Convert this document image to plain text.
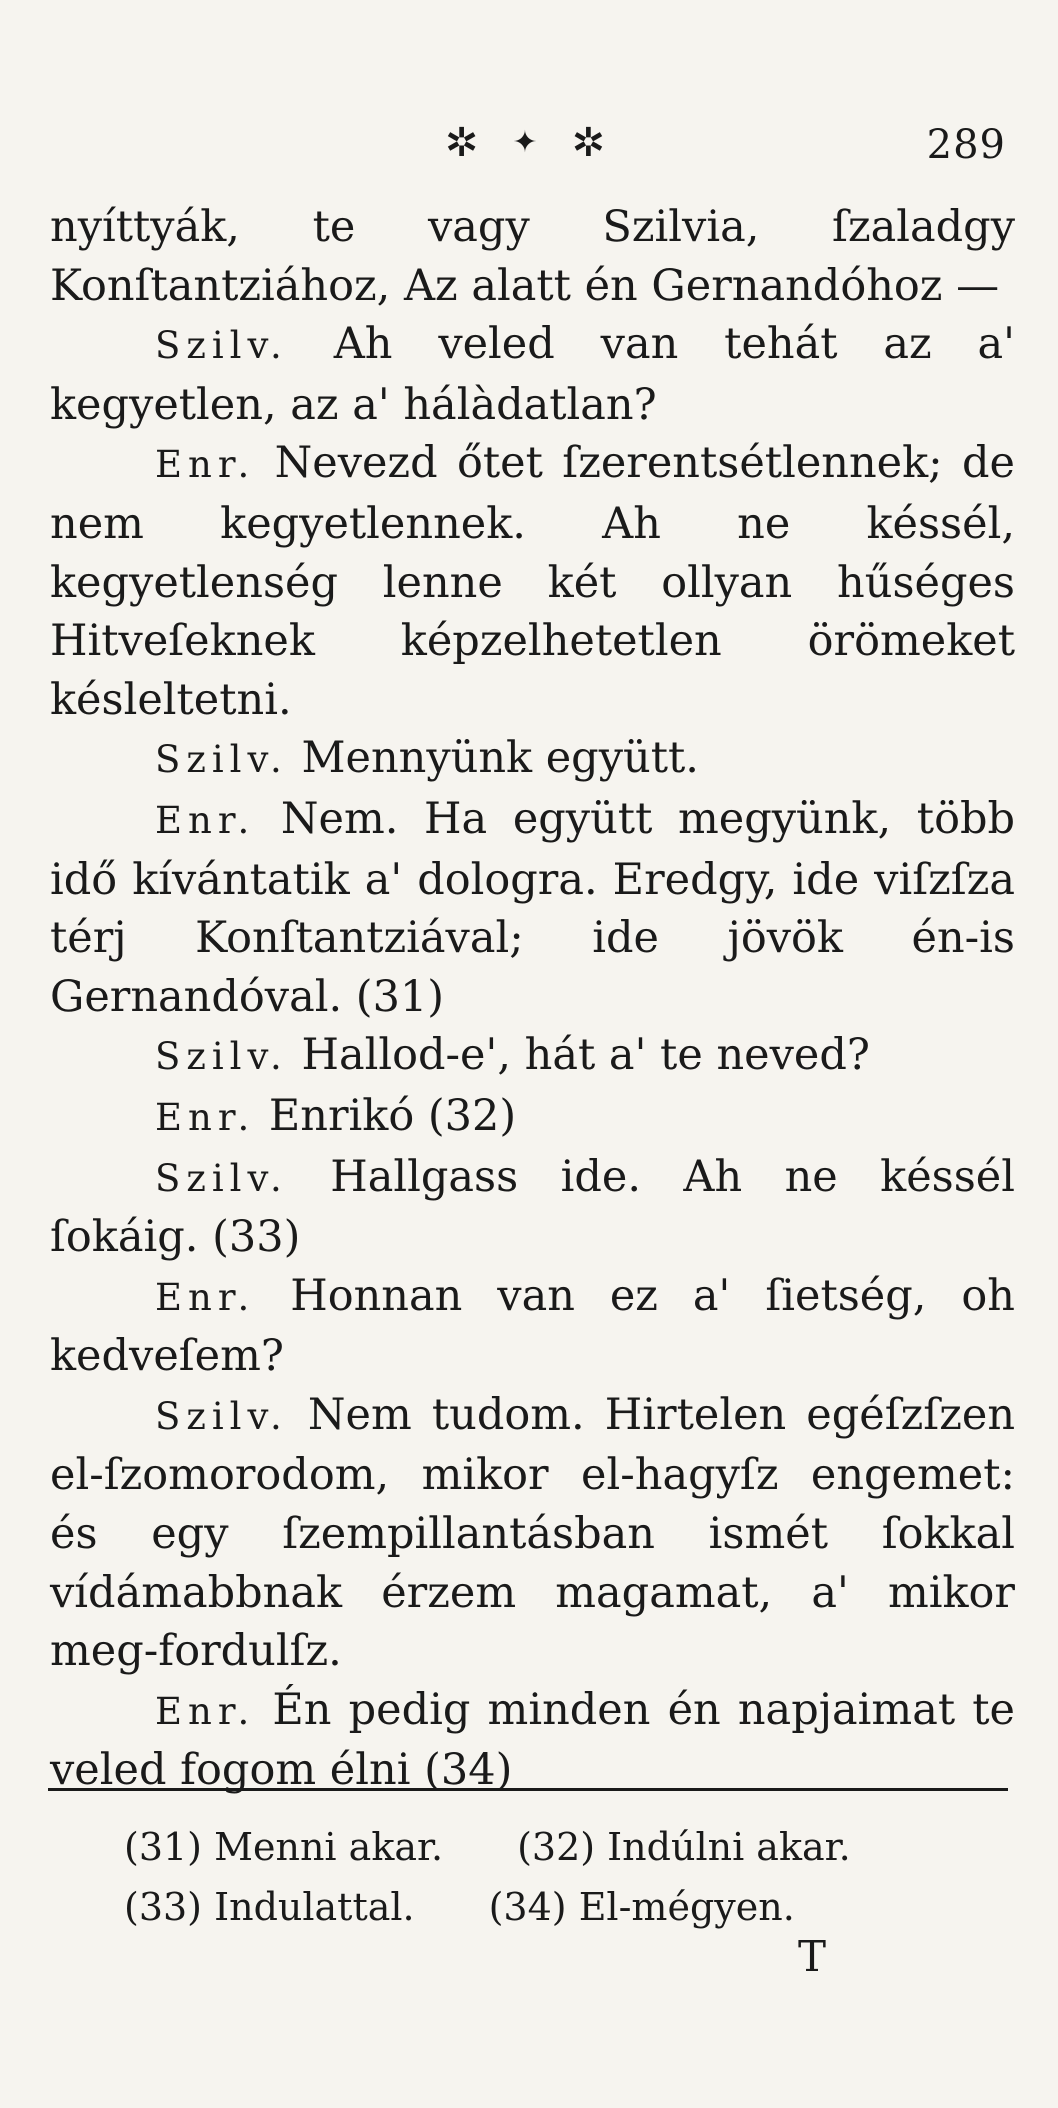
✲ ✦ ✲	289

nyíttyák, te vagy Szilvia, ſzaladgy Konſtantziához, Az alatt én Gernandóhoz —

Szilv. Ah veled van tehát az a' kegyetlen, az a' hálàdatlan?

Enr. Nevezd őtet ſzerentsétlennek; de nem kegyetlennek. Ah ne késsél, kegyetlenség lenne két ollyan hűséges Hitveſeknek képzelhetetlen örömeket késleltetni.

Szilv. Mennyünk együtt.

Enr. Nem. Ha együtt megyünk, több idő kívántatik a' dologra. Eredgy, ide viſzſza térj Konſtantziával; ide jövök én-is Gernandóval. (31)

Szilv. Hallod-e', hát a' te neved?

Enr. Enrikó (32)

Szilv. Hallgass ide. Ah ne késsél ſokáig. (33)

Enr. Honnan van ez a' ſietség, oh kedveſem?

Szilv. Nem tudom. Hirtelen egéſzſzen el-ſzomorodom, mikor el-hagyſz engemet: és egy ſzempillantásban ismét ſokkal vídámabbnak érzem magamat, a' mikor meg-fordulſz.

Enr. Én pedig minden én napjaimat te veled fogom élni (34)

(31) Menni akar.	(32) Indúlni akar.
(33) Indulattal.	(34) El-mégyen.
T
